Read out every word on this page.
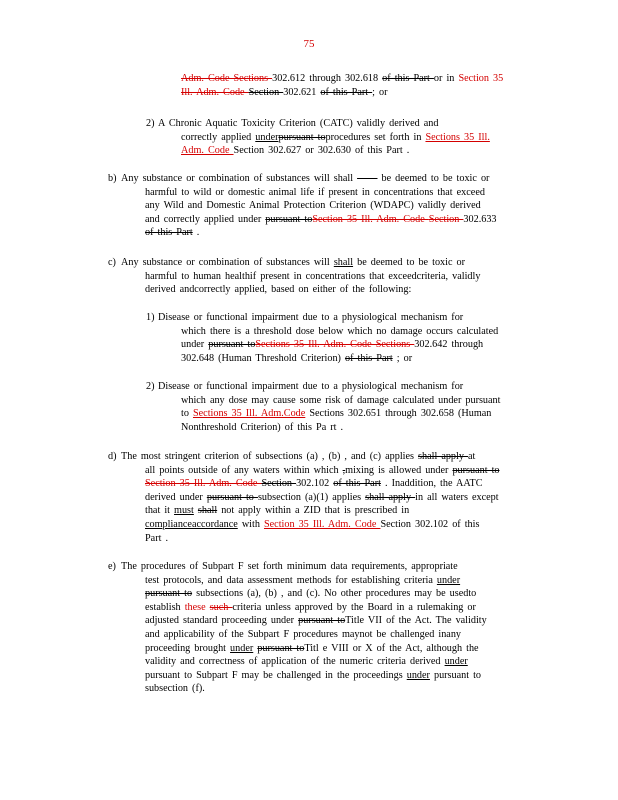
75
Adm. Code Sections 302.612 through 302.618 of this Part or in Section 35
Ill. Adm. Code Section 302.621 of this Part ; or
2) A Chronic Aquatic Toxicity Criterion (CATC) validly derived and
correctly applied underpursuant toprocedures set forth in Sections 35 Ill.
Adm. Code Section 302.627 or 302.630 of this Part .
b) Any substance or combination of substances will shall —— be deemed to be toxic or
harmful to wild or domestic animal life if present in concentrations that exceed
any Wild and Domestic Animal Protection Criterion (WDAPC) validly derived
and correctly applied under pursuant toSection 35 Ill. Adm. Code Section 302.633
of this Part .
c) Any substance or combination of substances will shall be deemed to be toxic or
harmful to human healthif present in concentrations that exceedcriteria, validly
derived andcorrectly applied, based on either of the following:
1) Disease or functional impairment due to a physiological mechanism for
which there is a threshold dose below which no damage occurs calculated
under pursuant toSections 35 Ill. Adm. Code Sections 302.642 through
302.648 (Human Threshold Criterion) of this Part ; or
2) Disease or functional impairment due to a physiological mechanism for
which any dose may cause some risk of damage calculated under pursuant
to Sections 35 Ill. Adm.Code Sections 302.651 through 302.658 (Human
Nonthreshold Criterion) of this Pa rt .
d) The most stringent criterion of subsections (a) , (b) , and (c) applies shall apply at
all points outside of any waters within which ,mixing is allowed under pursuant to
Section 35 Ill. Adm. Code Section 302.102 of this Part . Inaddition, the AATC
derived under pursuant to subsection (a)(1) applies shall apply in all waters except
that it must shall not apply within a ZID that is prescribed in
complianceaccordance with Section 35 Ill. Adm. Code Section 302.102 of this
Part .
e) The procedures of Subpart F set forth minimum data requirements, appropriate
test protocols, and data assessment methods for establishing criteria under
pursuant to subsections (a), (b) , and (c). No other procedures may be usedto
establish these such criteria unless approved by the Board in a rulemaking or
adjusted standard proceeding under pursuant toTitle VII of the Act. The validity
and applicability of the Subpart F procedures maynot be challenged inany
proceeding brought under pursuant toTitl e VIII or X of the Act, although the
validity and correctness of application of the numeric criteria derived under
pursuant to Subpart F may be challenged in the proceedings under pursuant to
subsection (f).
